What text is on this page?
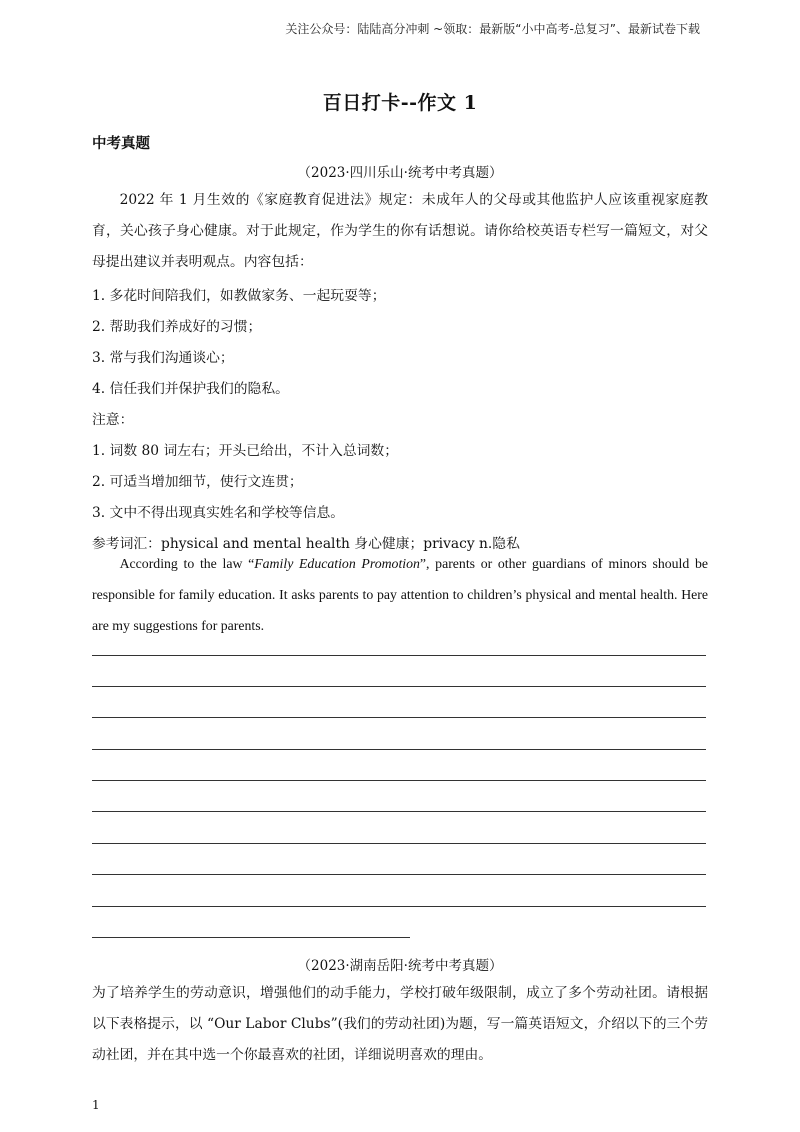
关注公众号：陆陆高分冲刺 ~领取：最新版“小中高考-总复习”、最新试卷下载
百日打卡--作文 1
中考真题
（2023·四川乐山·统考中考真题）
2022 年 1 月生效的《家庭教育促进法》规定：未成年人的父母或其他监护人应该重视家庭教育，关心孩子身心健康。对于此规定，作为学生的你有话想说。请你给校英语专栏写一篇短文，对父母提出建议并表明观点。内容包括：
1. 多花时间陪我们，如教做家务、一起玩耍等；
2. 帮助我们养成好的习惯；
3. 常与我们沟通谈心；
4. 信任我们并保护我们的隐私。
注意：
1. 词数 80 词左右；开头已给出，不计入总词数；
2. 可适当增加细节，使行文连贯；
3. 文中不得出现真实姓名和学校等信息。
参考词汇：physical and mental health 身心健康；privacy n.隐私
According to the law “Family Education Promotion”, parents or other guardians of minors should be responsible for family education. It asks parents to pay attention to children’s physical and mental health. Here are my suggestions for parents.
（2023·湖南岳阳·统考中考真题）
为了培养学生的劳动意识，增强他们的动手能力，学校打破年级限制，成立了多个劳动社团。请根据以下表格提示，以 “Our Labor Clubs”(我们的劳动社团)为题，写一篇英语短文，介绍以下的三个劳动社团，并在其中选一个你最喜欢的社团，详细说明喜欢的理由。
1
